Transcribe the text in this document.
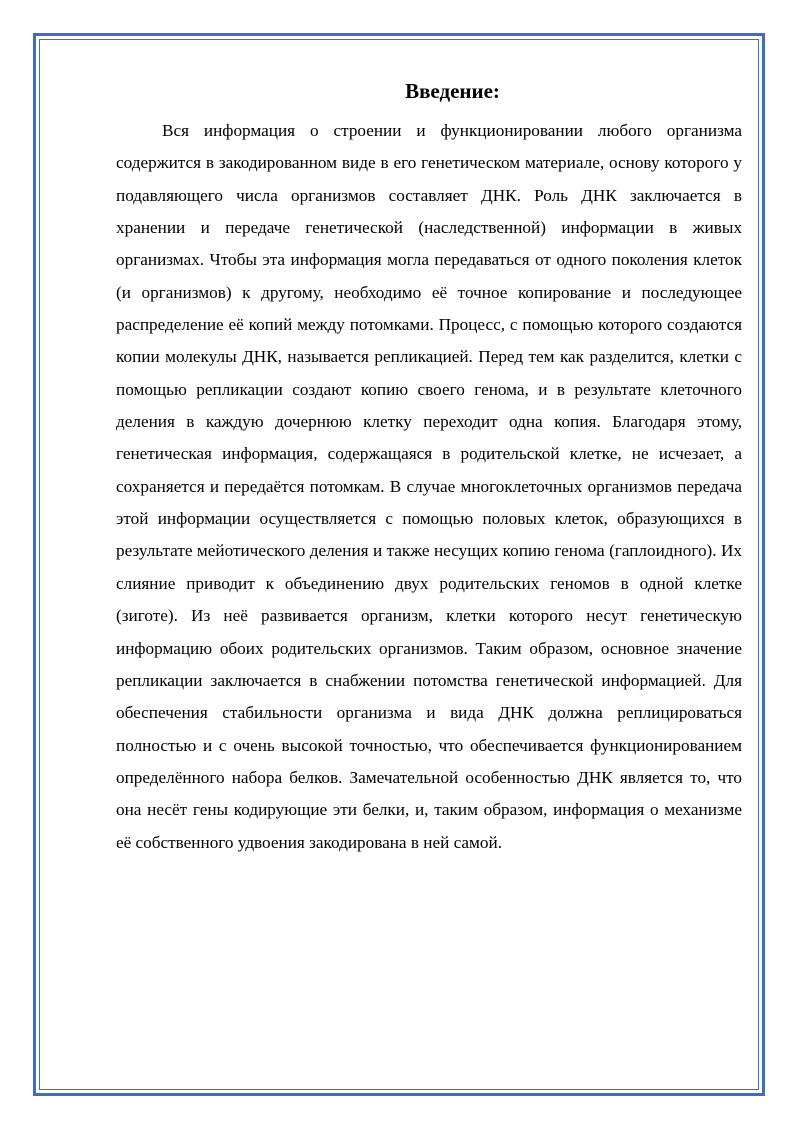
Введение:

Вся информация о строении и функционировании любого организма содержится в закодированном виде в его генетическом материале, основу которого у подавляющего числа организмов составляет ДНК. Роль ДНК заключается в хранении и передаче генетической (наследственной) информации в живых организмах. Чтобы эта информация могла передаваться от одного поколения клеток (и организмов) к другому, необходимо её точное копирование и последующее распределение её копий между потомками. Процесс, с помощью которого создаются копии молекулы ДНК, называется репликацией. Перед тем как разделится, клетки с помощью репликации создают копию своего генома, и в результате клеточного деления в каждую дочернюю клетку переходит одна копия. Благодаря этому, генетическая информация, содержащаяся в родительской клетке, не исчезает, а сохраняется и передаётся потомкам. В случае многоклеточных организмов передача этой информации осуществляется с помощью половых клеток, образующихся в результате мейотического деления и также несущих копию генома (гаплоидного). Их слияние приводит к объединению двух родительских геномов в одной клетке (зиготе). Из неё развивается организм, клетки которого несут генетическую информацию обоих родительских организмов. Таким образом, основное значение репликации заключается в снабжении потомства генетической информацией. Для обеспечения стабильности организма и вида ДНК должна реплицироваться полностью и с очень высокой точностью, что обеспечивается функционированием определённого набора белков. Замечательной особенностью ДНК является то, что она несёт гены кодирующие эти белки, и, таким образом, информация о механизме её собственного удвоения закодирована в ней самой.
